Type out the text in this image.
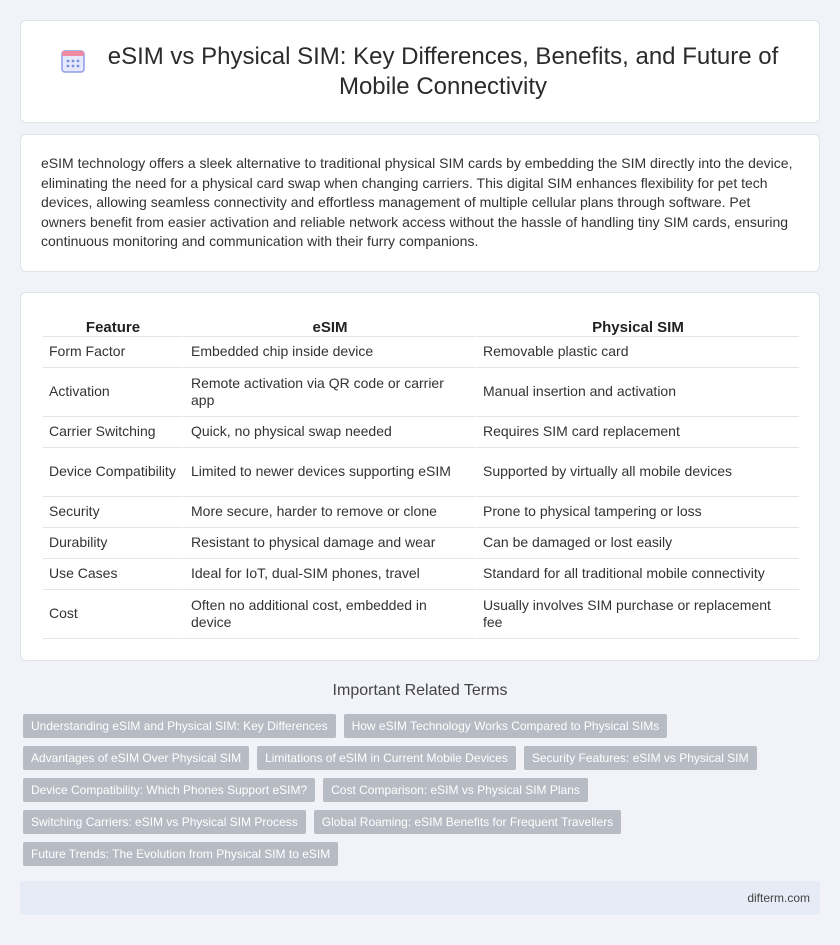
eSIM vs Physical SIM: Key Differences, Benefits, and Future of Mobile Connectivity

eSIM technology offers a sleek alternative to traditional physical SIM cards by embedding the SIM directly into the device, eliminating the need for a physical card swap when changing carriers. This digital SIM enhances flexibility for pet tech devices, allowing seamless connectivity and effortless management of multiple cellular plans through software. Pet owners benefit from easier activation and reliable network access without the hassle of handling tiny SIM cards, ensuring continuous monitoring and communication with their furry companions.

Feature	eSIM	Physical SIM
Form Factor	Embedded chip inside device	Removable plastic card
Activation	Remote activation via QR code or carrier app	Manual insertion and activation
Carrier Switching	Quick, no physical swap needed	Requires SIM card replacement
Device Compatibility	Limited to newer devices supporting eSIM	Supported by virtually all mobile devices
Security	More secure, harder to remove or clone	Prone to physical tampering or loss
Durability	Resistant to physical damage and wear	Can be damaged or lost easily
Use Cases	Ideal for IoT, dual-SIM phones, travel	Standard for all traditional mobile connectivity
Cost	Often no additional cost, embedded in device	Usually involves SIM purchase or replacement fee
Important Related Terms
Understanding eSIM and Physical SIM: Key Differences	How eSIM Technology Works Compared to Physical SIMs
Advantages of eSIM Over Physical SIM	Limitations of eSIM in Current Mobile Devices	Security Features: eSIM vs Physical SIM
Device Compatibility: Which Phones Support eSIM?	Cost Comparison: eSIM vs Physical SIM Plans
Switching Carriers: eSIM vs Physical SIM Process	Global Roaming: eSIM Benefits for Frequent Travellers
Future Trends: The Evolution from Physical SIM to eSIM
difterm.com
